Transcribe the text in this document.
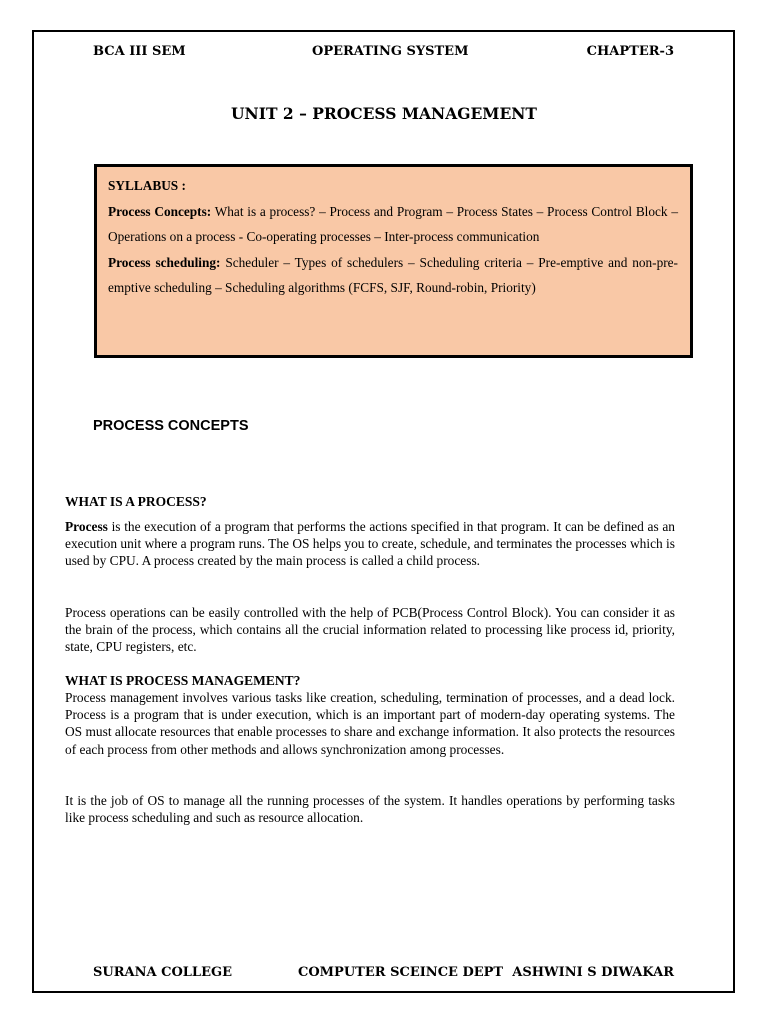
BCA III SEM	OPERATING SYSTEM	CHAPTER-3
UNIT 2 – PROCESS MANAGEMENT

SYLLABUS :

Process Concepts: What is a process? – Process and Program – Process States – Process Control Block – Operations on a process - Co-operating processes – Inter-process communication

Process scheduling: Scheduler – Types of schedulers – Scheduling criteria – Pre-emptive and non-pre-emptive scheduling – Scheduling algorithms (FCFS, SJF, Round-robin, Priority)

PROCESS CONCEPTS
WHAT IS A PROCESS?

Process is the execution of a program that performs the actions specified in that program. It can be defined as an execution unit where a program runs. The OS helps you to create, schedule, and terminates the processes which is used by CPU. A process created by the main process is called a child process.

Process operations can be easily controlled with the help of PCB(Process Control Block). You can consider it as the brain of the process, which contains all the crucial information related to processing like process id, priority, state, CPU registers, etc.

WHAT IS PROCESS MANAGEMENT?

Process management involves various tasks like creation, scheduling, termination of processes, and a dead lock. Process is a program that is under execution, which is an important part of modern-day operating systems. The OS must allocate resources that enable processes to share and exchange information. It also protects the resources of each process from other methods and allows synchronization among processes.

It is the job of OS to manage all the running processes of the system. It handles operations by performing tasks like process scheduling and such as resource allocation.

SURANA COLLEGE	COMPUTER SCEINCE DEPT ASHWINI S DIWAKAR
